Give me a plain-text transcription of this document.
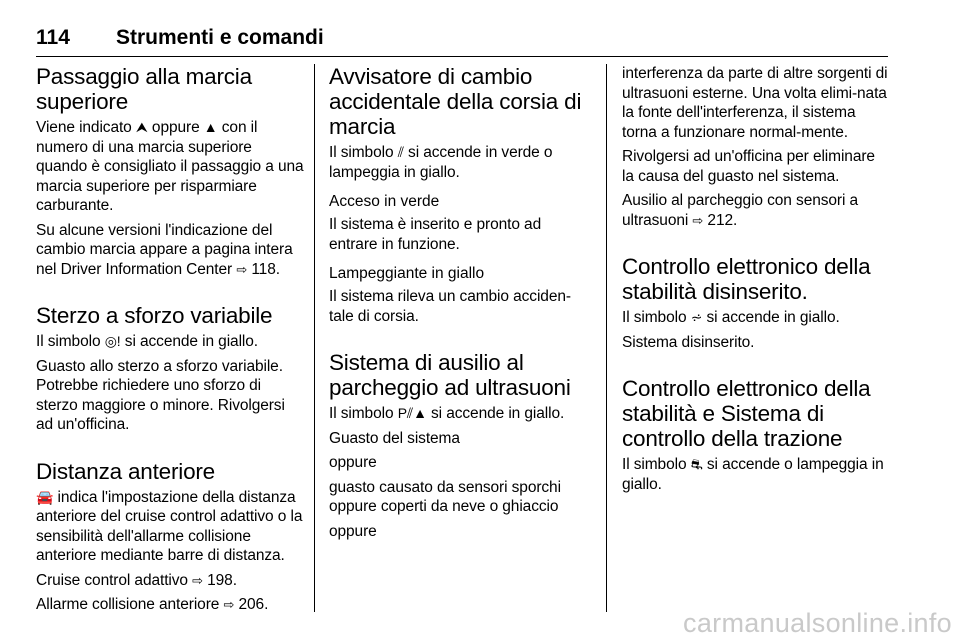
114 Strumenti e comandi
Passaggio alla marcia superiore

Viene indicato ⮝ oppure ▲ con il numero di una marcia superiore quando è consigliato il passaggio a una marcia superiore per risparmiare carburante.

Su alcune versioni l'indicazione del cambio marcia appare a pagina intera nel Driver Information Center ⇨ 118.

Sterzo a sforzo variabile

Il simbolo ◎! si accende in giallo.

Guasto allo sterzo a sforzo variabile. Potrebbe richiedere uno sforzo di sterzo maggiore o minore. Rivolgersi ad un'officina.

Distanza anteriore

🚘 indica l'impostazione della distanza anteriore del cruise control adattivo o la sensibilità dell'allarme collisione anteriore mediante barre di distanza.

Cruise control adattivo ⇨ 198.

Allarme collisione anteriore ⇨ 206.

Avvisatore di cambio accidentale della corsia di marcia

Il simbolo ⫽ si accende in verde o lampeggia in giallo.

Acceso in verde

Il sistema è inserito e pronto ad entrare in funzione.

Lampeggiante in giallo

Il sistema rileva un cambio acciden-tale di corsia.

Sistema di ausilio al parcheggio ad ultrasuoni

Il simbolo P⫽▲ si accende in giallo.

Guasto del sistema

oppure

guasto causato da sensori sporchi oppure coperti da neve o ghiaccio

oppure

interferenza da parte di altre sorgenti di ultrasuoni esterne. Una volta elimi-nata la fonte dell'interferenza, il sistema torna a funzionare normal-mente.

Rivolgersi ad un'officina per eliminare la causa del guasto nel sistema.

Ausilio al parcheggio con sensori a ultrasuoni ⇨ 212.

Controllo elettronico della stabilità disinserito.

Il simbolo ⩫ si accende in giallo.

Sistema disinserito.

Controllo elettronico della stabilità e Sistema di controllo della trazione

Il simbolo ⛐ si accende o lampeggia in giallo.

carmanualsonline.info
